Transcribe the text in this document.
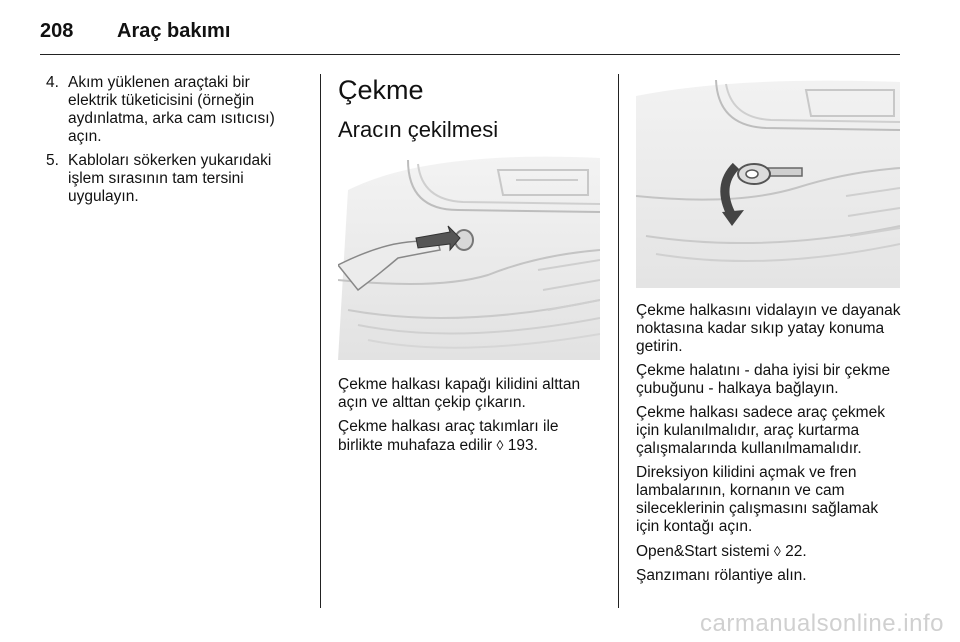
208 Araç bakımı
4. Akım yüklenen araçtaki bir elektrik tüketicisini (örneğin aydınlatma, arka cam ısıtıcısı) açın.
5. Kabloları sökerken yukarıdaki işlem sırasının tam tersini uygulayın.
Çekme
Aracın çekilmesi

Çekme halkası kapağı kilidini alttan açın ve alttan çekip çıkarın.

Çekme halkası araç takımları ile birlikte muhafaza edilir ◊ 193.

Çekme halkasını vidalayın ve dayanak noktasına kadar sıkıp yatay konuma getirin.

Çekme halatını - daha iyisi bir çekme çubuğunu - halkaya bağlayın.

Çekme halkası sadece araç çekmek için kulanılmalıdır, araç kurtarma çalışmalarında kullanılmamalıdır.

Direksiyon kilidini açmak ve fren lambalarının, kornanın ve cam sileceklerinin çalışmasını sağlamak için kontağı açın.

Open&Start sistemi ◊ 22.

Şanzımanı rölantiye alın.

carmanualsonline.info
